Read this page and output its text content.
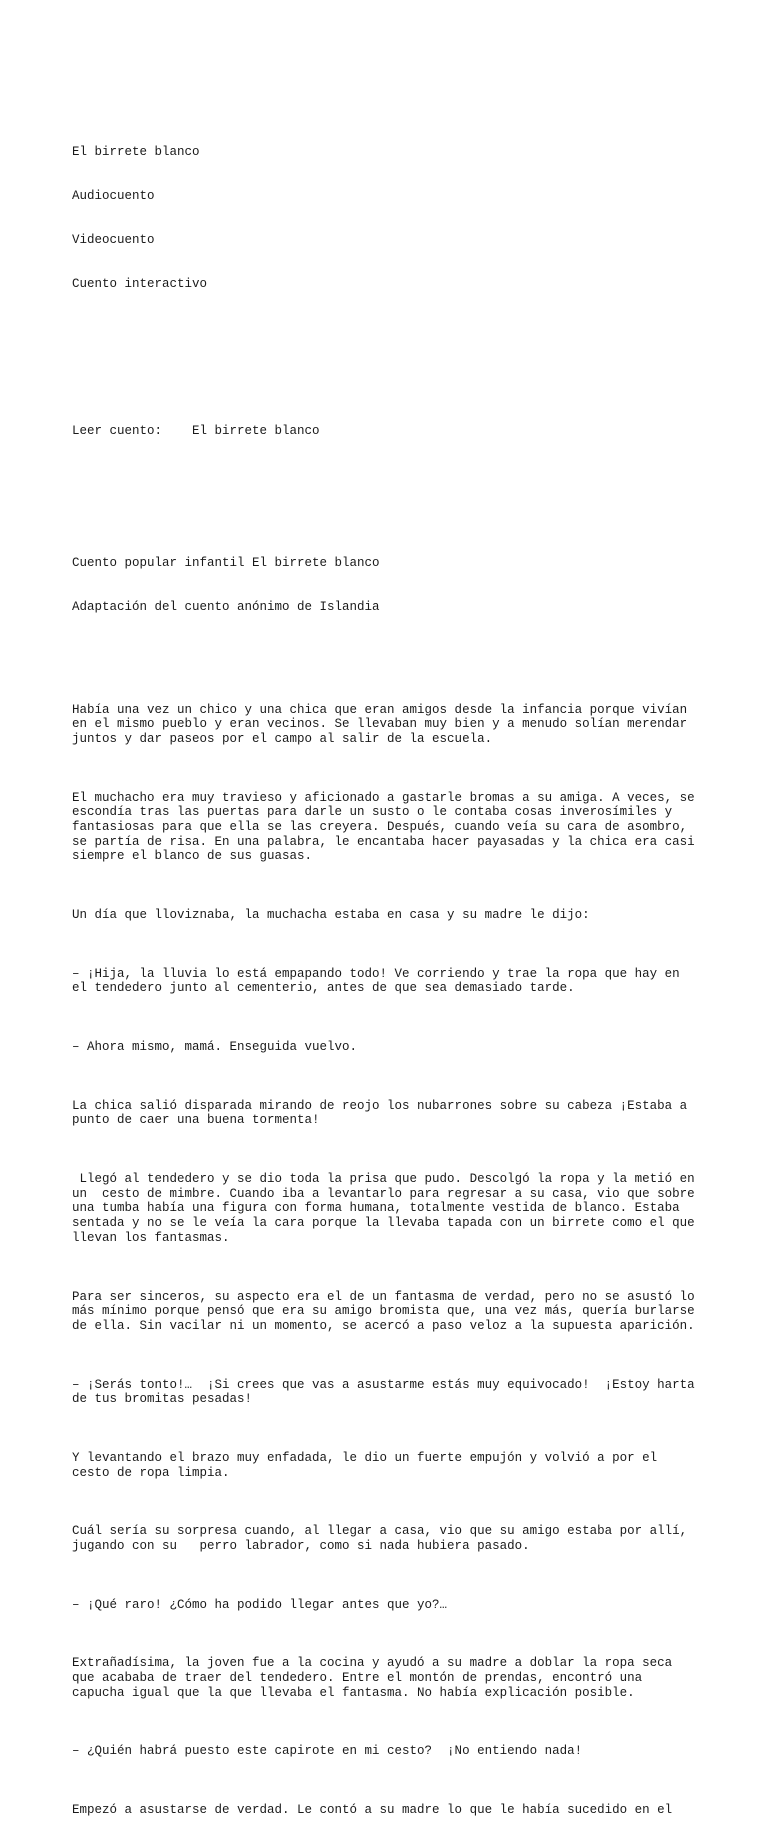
El birrete blanco

Audiocuento

Videocuento

Cuento interactivo

Leer cuento: El birrete blanco

Cuento popular infantil El birrete blanco

Adaptación del cuento anónimo de Islandia

Había una vez un chico y una chica que eran amigos desde la infancia porque vivían
en el mismo pueblo y eran vecinos. Se llevaban muy bien y a menudo solían merendar
juntos y dar paseos por el campo al salir de la escuela.

El muchacho era muy travieso y aficionado a gastarle bromas a su amiga. A veces, se
escondía tras las puertas para darle un susto o le contaba cosas inverosímiles y
fantasiosas para que ella se las creyera. Después, cuando veía su cara de asombro,
se partía de risa. En una palabra, le encantaba hacer payasadas y la chica era casi
siempre el blanco de sus guasas.

Un día que lloviznaba, la muchacha estaba en casa y su madre le dijo:

– ¡Hija, la lluvia lo está empapando todo! Ve corriendo y trae la ropa que hay en
el tendedero junto al cementerio, antes de que sea demasiado tarde.

– Ahora mismo, mamá. Enseguida vuelvo.

La chica salió disparada mirando de reojo los nubarrones sobre su cabeza ¡Estaba a
punto de caer una buena tormenta!

Llegó al tendedero y se dio toda la prisa que pudo. Descolgó la ropa y la metió en
un  cesto de mimbre. Cuando iba a levantarlo para regresar a su casa, vio que sobre
una tumba había una figura con forma humana, totalmente vestida de blanco. Estaba
sentada y no se le veía la cara porque la llevaba tapada con un birrete como el que
llevan los fantasmas.

Para ser sinceros, su aspecto era el de un fantasma de verdad, pero no se asustó lo
más mínimo porque pensó que era su amigo bromista que, una vez más, quería burlarse
de ella. Sin vacilar ni un momento, se acercó a paso veloz a la supuesta aparición.

– ¡Serás tonto!…  ¡Si crees que vas a asustarme estás muy equivocado!  ¡Estoy harta
de tus bromitas pesadas!

Y levantando el brazo muy enfadada, le dio un fuerte empujón y volvió a por el
cesto de ropa limpia.

Cuál sería su sorpresa cuando, al llegar a casa, vio que su amigo estaba por allí,
jugando con su   perro labrador, como si nada hubiera pasado.

– ¡Qué raro! ¿Cómo ha podido llegar antes que yo?…

Extrañadísima, la joven fue a la cocina y ayudó a su madre a doblar la ropa seca
que acababa de traer del tendedero. Entre el montón de prendas, encontró una
capucha igual que la que llevaba el fantasma. No había explicación posible.

– ¿Quién habrá puesto este capirote en mi cesto?  ¡No entiendo nada!

Empezó a asustarse de verdad. Le contó a su madre lo que le había sucedido en el
